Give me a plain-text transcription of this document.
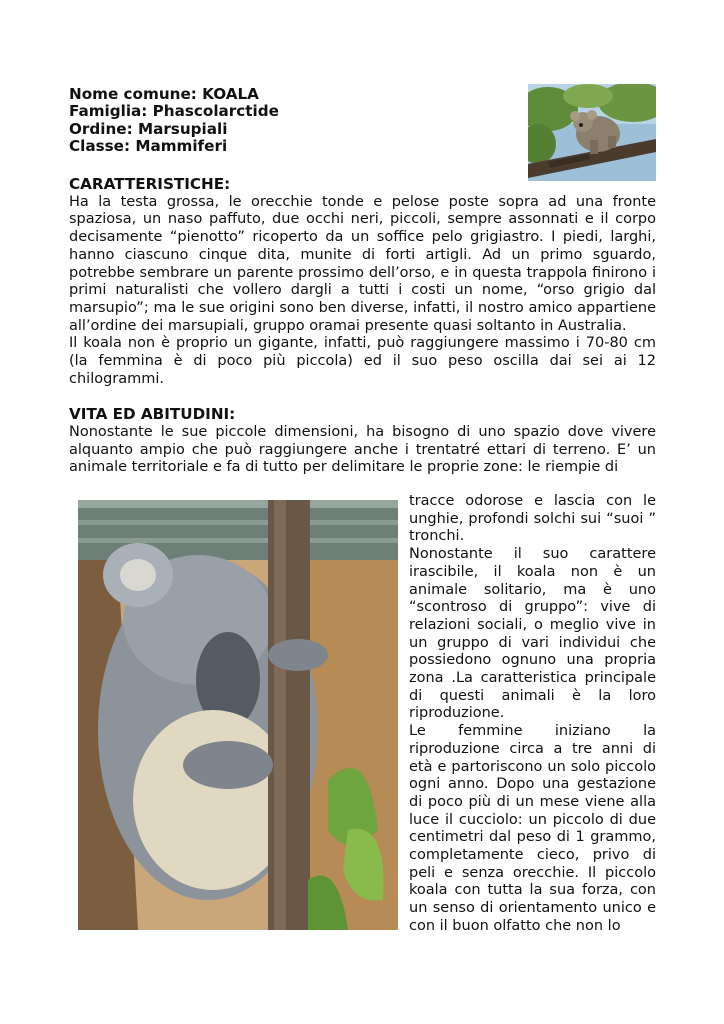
Nome comune: KOALA
Famiglia: Phascolarctide
Ordine: Marsupiali
Classe: Mammiferi
CARATTERISTICHE:

Ha la testa grossa, le orecchie tonde e pelose poste sopra ad una fronte spaziosa, un naso paffuto, due occhi neri, piccoli, sempre assonnati e il corpo decisamente “pienotto” ricoperto da un soffice pelo grigiastro. I piedi, larghi, hanno ciascuno cinque dita, munite di forti artigli. Ad un primo sguardo, potrebbe sembrare un parente prossimo dell’orso, e in questa trappola finirono i primi naturalisti che vollero dargli a tutti i costi un nome, “orso grigio dal marsupio”; ma le sue origini sono ben diverse, infatti, il nostro amico appartiene all’ordine dei marsupiali, gruppo oramai presente quasi soltanto in Australia.

Il koala non è proprio un gigante, infatti, può raggiungere massimo i 70-80 cm (la femmina è di poco più piccola) ed il suo peso oscilla dai sei ai 12 chilogrammi.

VITA ED ABITUDINI:

Nonostante le sue piccole dimensioni, ha bisogno di uno spazio dove vivere alquanto ampio che può raggiungere anche i trentatré ettari di terreno. E’ un animale territoriale e fa di tutto per delimitare le proprie zone: le riempie di

tracce odorose e lascia con le unghie, profondi solchi sui “suoi ” tronchi.

Nonostante il suo carattere irascibile, il koala non è un animale solitario, ma è uno “scontroso di gruppo”: vive di relazioni sociali, o meglio vive in un gruppo di vari individui che possiedono ognuno una propria zona .La caratteristica principale di questi animali è la loro riproduzione.

Le femmine iniziano la riproduzione circa a tre anni di età e partoriscono un solo piccolo ogni anno. Dopo una gestazione di poco più di un mese viene alla luce il cucciolo: un piccolo di due centimetri dal peso di 1 grammo, completamente cieco, privo di peli e senza orecchie. Il piccolo koala con tutta la sua forza, con un senso di orientamento unico e con il buon olfatto che non lo
